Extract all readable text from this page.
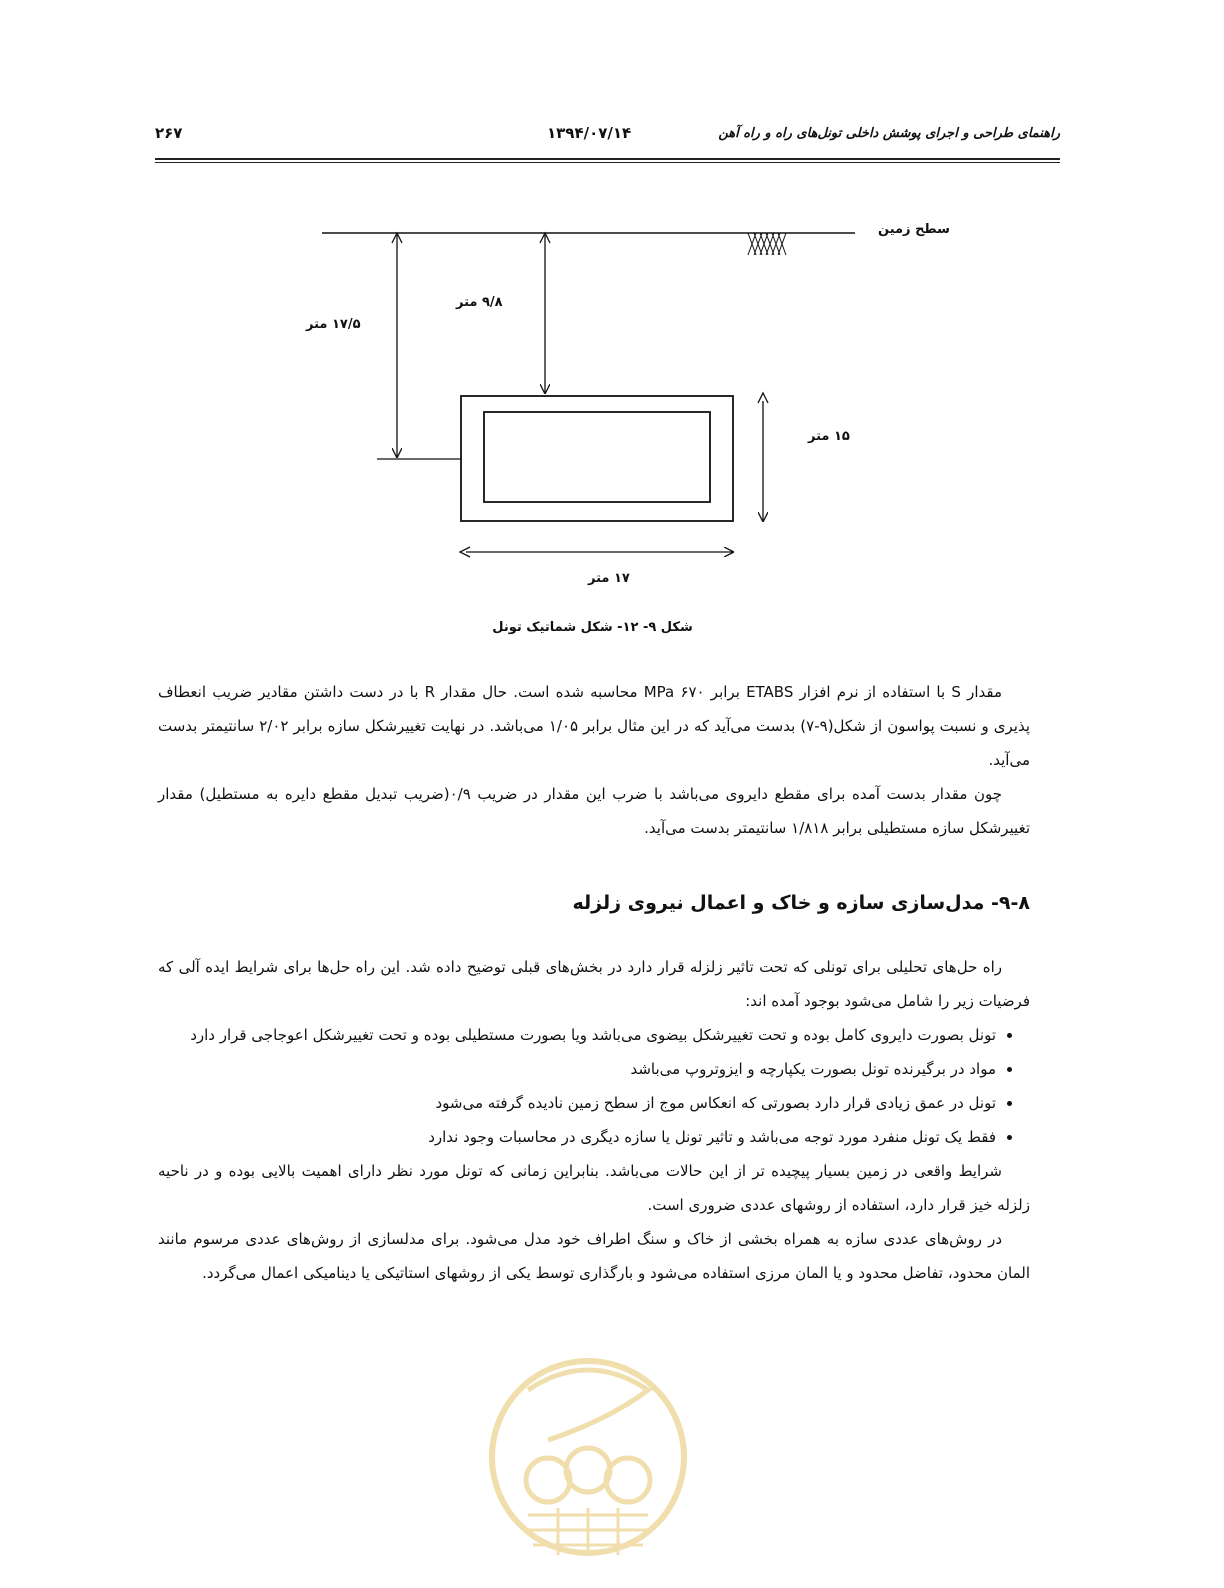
راهنمای طراحی و اجرای پوشش داخلی تونل‌های راه و راه آهن
۱۳۹۴/۰۷/۱۴
۲۶۷
سطح زمین
۱۷/۵ متر
۹/۸ متر
۱۵ متر
۱۷ متر
شکل ۹- ۱۲- شکل شماتیک تونل

مقدار S با استفاده از نرم افزار ETABS برابر ۶۷۰ MPa محاسبه شده است. حال مقدار R با در دست داشتن مقادیر ضریب انعطاف پذیری و نسبت پواسون از شکل(۹-۷) بدست می‌آید که در این مثال برابر ۱/۰۵ می‌باشد. در نهایت تغییرشکل سازه برابر ۲/۰۲ سانتیمتر بدست می‌آید.

چون مقدار بدست آمده برای مقطع دایروی می‌باشد با ضرب این مقدار در ضریب ۰/۹(ضریب تبدیل مقطع دایره به مستطیل) مقدار تغییرشکل سازه مستطیلی برابر ۱/۸۱۸ سانتیمتر بدست می‌آید.

۹-۸- مدل‌سازی سازه و خاک و اعمال نیروی زلزله

راه حل‌های تحلیلی برای تونلی که تحت تاثیر زلزله قرار دارد در بخش‌های قبلی توضیح داده شد. این راه حل‌ها برای شرایط ایده آلی که فرضیات زیر را شامل می‌شود بوجود آمده اند:

• تونل بصورت دایروی کامل بوده و تحت تغییرشکل بیضوی می‌باشد ویا بصورت مستطیلی بوده و تحت تغییرشکل اعوجاجی قرار دارد
• مواد در برگیرنده تونل بصورت یکپارچه و ایزوتروپ می‌باشد
• تونل در عمق زیادی قرار دارد بصورتی که انعکاس موج از سطح زمین نادیده گرفته می‌شود
• فقط یک تونل منفرد مورد توجه می‌باشد و تاثیر تونل یا سازه دیگری در محاسبات وجود ندارد

شرایط واقعی در زمین بسیار پیچیده تر از این حالات می‌باشد. بنابراین زمانی که تونل مورد نظر دارای اهمیت بالایی بوده و در ناحیه زلزله خیز قرار دارد، استفاده از روشهای عددی ضروری است.

در روش‌های عددی سازه به همراه بخشی از خاک و سنگ اطراف خود مدل می‌شود. برای مدلسازی از روش‌های عددی مرسوم مانند المان محدود، تفاضل محدود و یا المان مرزی استفاده می‌شود و بارگذاری توسط یکی از روشهای استاتیکی یا دینامیکی اعمال می‌گردد.
